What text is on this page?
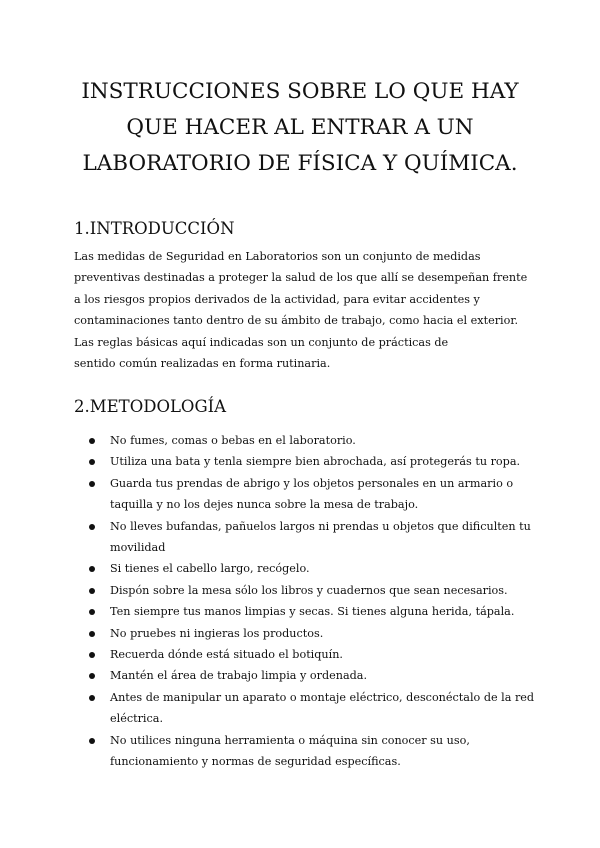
INSTRUCCIONES SOBRE LO QUE HAY
QUE HACER AL ENTRAR A UN
LABORATORIO DE FÍSICA Y QUÍMICA.
1.INTRODUCCIÓN

Las medidas de Seguridad en Laboratorios son un conjunto de medidas
preventivas destinadas a proteger la salud de los que allí se desempeñan frente
a los riesgos propios derivados de la actividad, para evitar accidentes y
contaminaciones tanto dentro de su ámbito de trabajo, como hacia el exterior.
Las reglas básicas aquí indicadas son un conjunto de prácticas de
sentido común realizadas en forma rutinaria.

2.METODOLOGÍA
No fumes, comas o bebas en el laboratorio.
Utiliza una bata y tenla siempre bien abrochada, así protegerás tu ropa.
Guarda tus prendas de abrigo y los objetos personales en un armario o
taquilla y no los dejes nunca sobre la mesa de trabajo.
No lleves bufandas, pañuelos largos ni prendas u objetos que dificulten tu
movilidad
Si tienes el cabello largo, recógelo.
Dispón sobre la mesa sólo los libros y cuadernos que sean necesarios.
Ten siempre tus manos limpias y secas. Si tienes alguna herida, tápala.
No pruebes ni ingieras los productos.
Recuerda dónde está situado el botiquín.
Mantén el área de trabajo limpia y ordenada.
Antes de manipular un aparato o montaje eléctrico, desconéctalo de la red
eléctrica.
No utilices ninguna herramienta o máquina sin conocer su uso,
funcionamiento y normas de seguridad específicas.
